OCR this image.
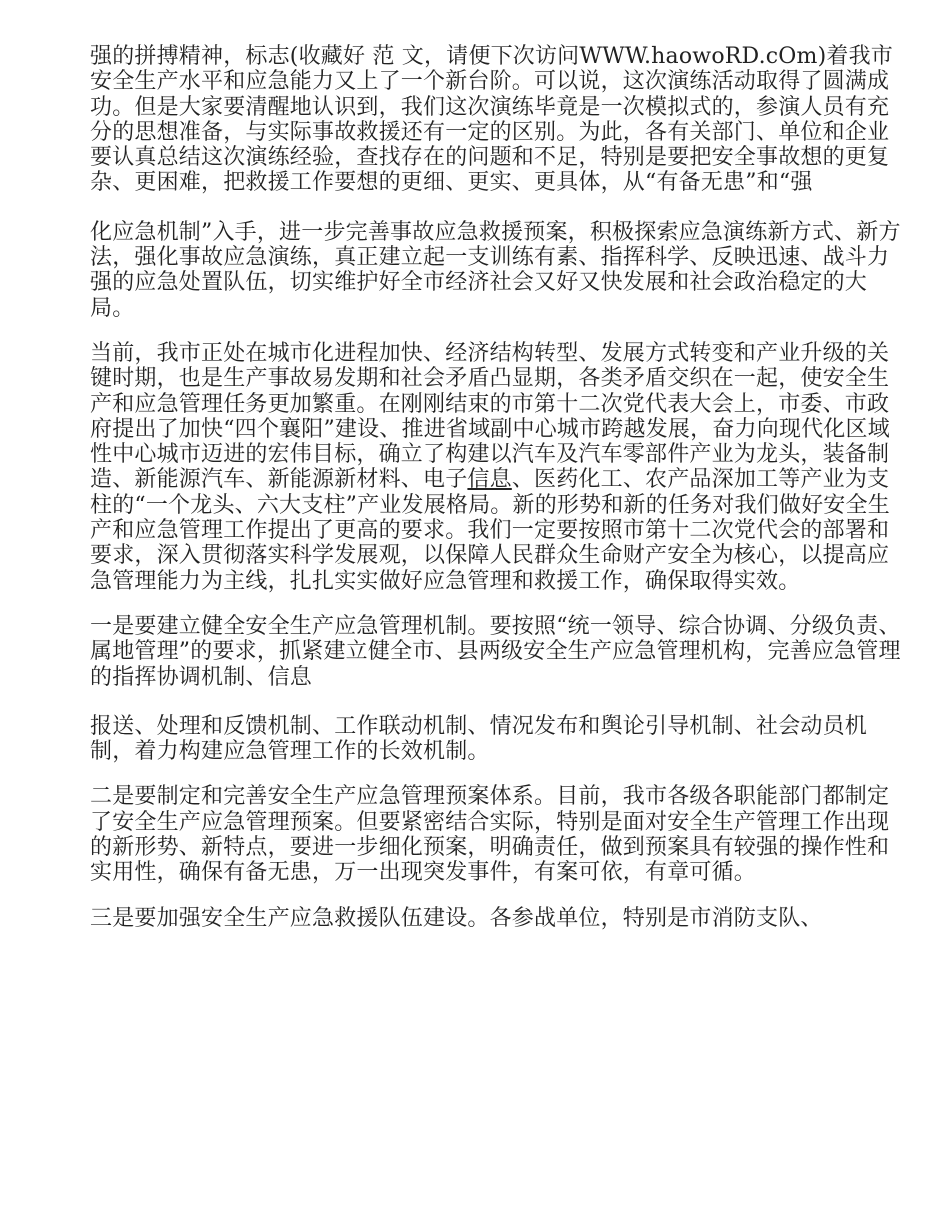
强的拼搏精神，标志(收藏好 范 文，请便下次访问WWW.haowoRD.cOm)着我市安全生产水平和应急能力又上了一个新台阶。可以说，这次演练活动取得了圆满成功。但是大家要清醒地认识到，我们这次演练毕竟是一次模拟式的，参演人员有充分的思想准备，与实际事故救援还有一定的区别。为此，各有关部门、单位和企业要认真总结这次演练经验，查找存在的问题和不足，特别是要把安全事故想的更复杂、更困难，把救援工作要想的更细、更实、更具体，从“有备无患”和“强

化应急机制”入手，进一步完善事故应急救援预案，积极探索应急演练新方式、新方法，强化事故应急演练，真正建立起一支训练有素、指挥科学、反映迅速、战斗力强的应急处置队伍，切实维护好全市经济社会又好又快发展和社会政治稳定的大局。

当前，我市正处在城市化进程加快、经济结构转型、发展方式转变和产业升级的关键时期，也是生产事故易发期和社会矛盾凸显期，各类矛盾交织在一起，使安全生产和应急管理任务更加繁重。在刚刚结束的市第十二次党代表大会上，市委、市政府提出了加快“四个襄阳”建设、推进省域副中心城市跨越发展，奋力向现代化区域性中心城市迈进的宏伟目标，确立了构建以汽车及汽车零部件产业为龙头，装备制造、新能源汽车、新能源新材料、电子信息、医药化工、农产品深加工等产业为支柱的“一个龙头、六大支柱”产业发展格局。新的形势和新的任务对我们做好安全生产和应急管理工作提出了更高的要求。我们一定要按照市第十二次党代会的部署和要求，深入贯彻落实科学发展观，以保障人民群众生命财产安全为核心，以提高应急管理能力为主线，扎扎实实做好应急管理和救援工作，确保取得实效。

一是要建立健全安全生产应急管理机制。要按照“统一领导、综合协调、分级负责、属地管理”的要求，抓紧建立健全市、县两级安全生产应急管理机构，完善应急管理的指挥协调机制、信息

报送、处理和反馈机制、工作联动机制、情况发布和舆论引导机制、社会动员机制，着力构建应急管理工作的长效机制。

二是要制定和完善安全生产应急管理预案体系。目前，我市各级各职能部门都制定了安全生产应急管理预案。但要紧密结合实际，特别是面对安全生产管理工作出现的新形势、新特点，要进一步细化预案，明确责任，做到预案具有较强的操作性和实用性，确保有备无患，万一出现突发事件，有案可依，有章可循。

三是要加强安全生产应急救援队伍建设。各参战单位，特别是市消防支队、
